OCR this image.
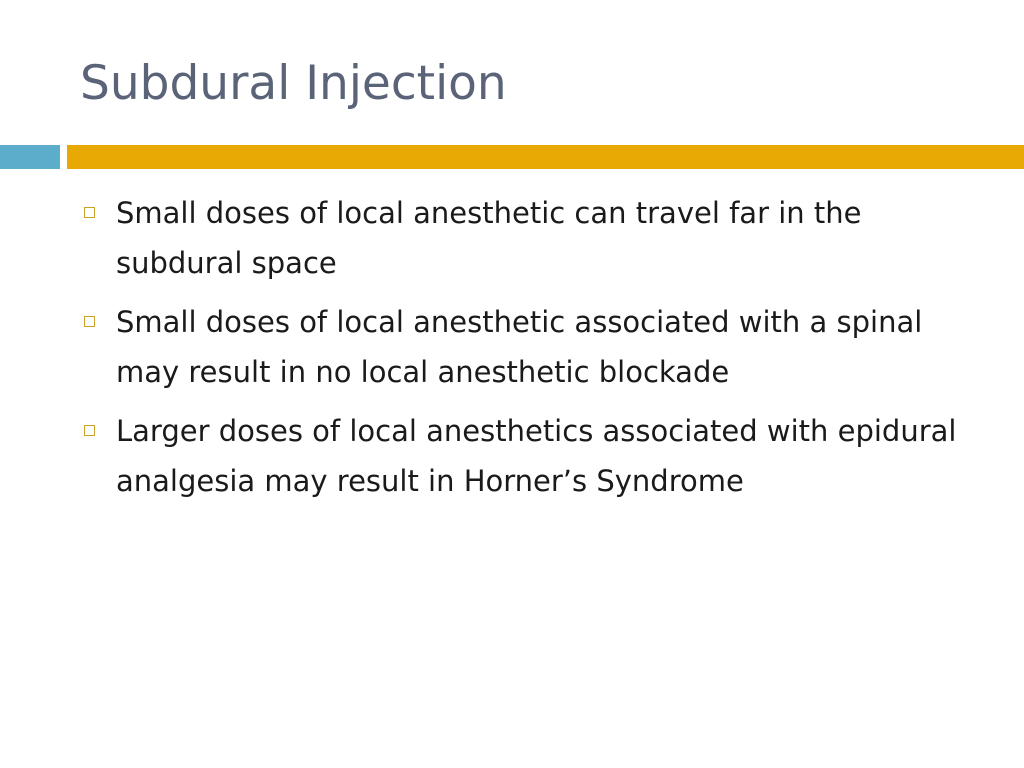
Subdural Injection
Small doses of local anesthetic can travel far in the subdural space
Small doses of local anesthetic associated with a spinal may result in no local anesthetic blockade
Larger doses of local anesthetics associated with epidural analgesia may result in Horner’s Syndrome
